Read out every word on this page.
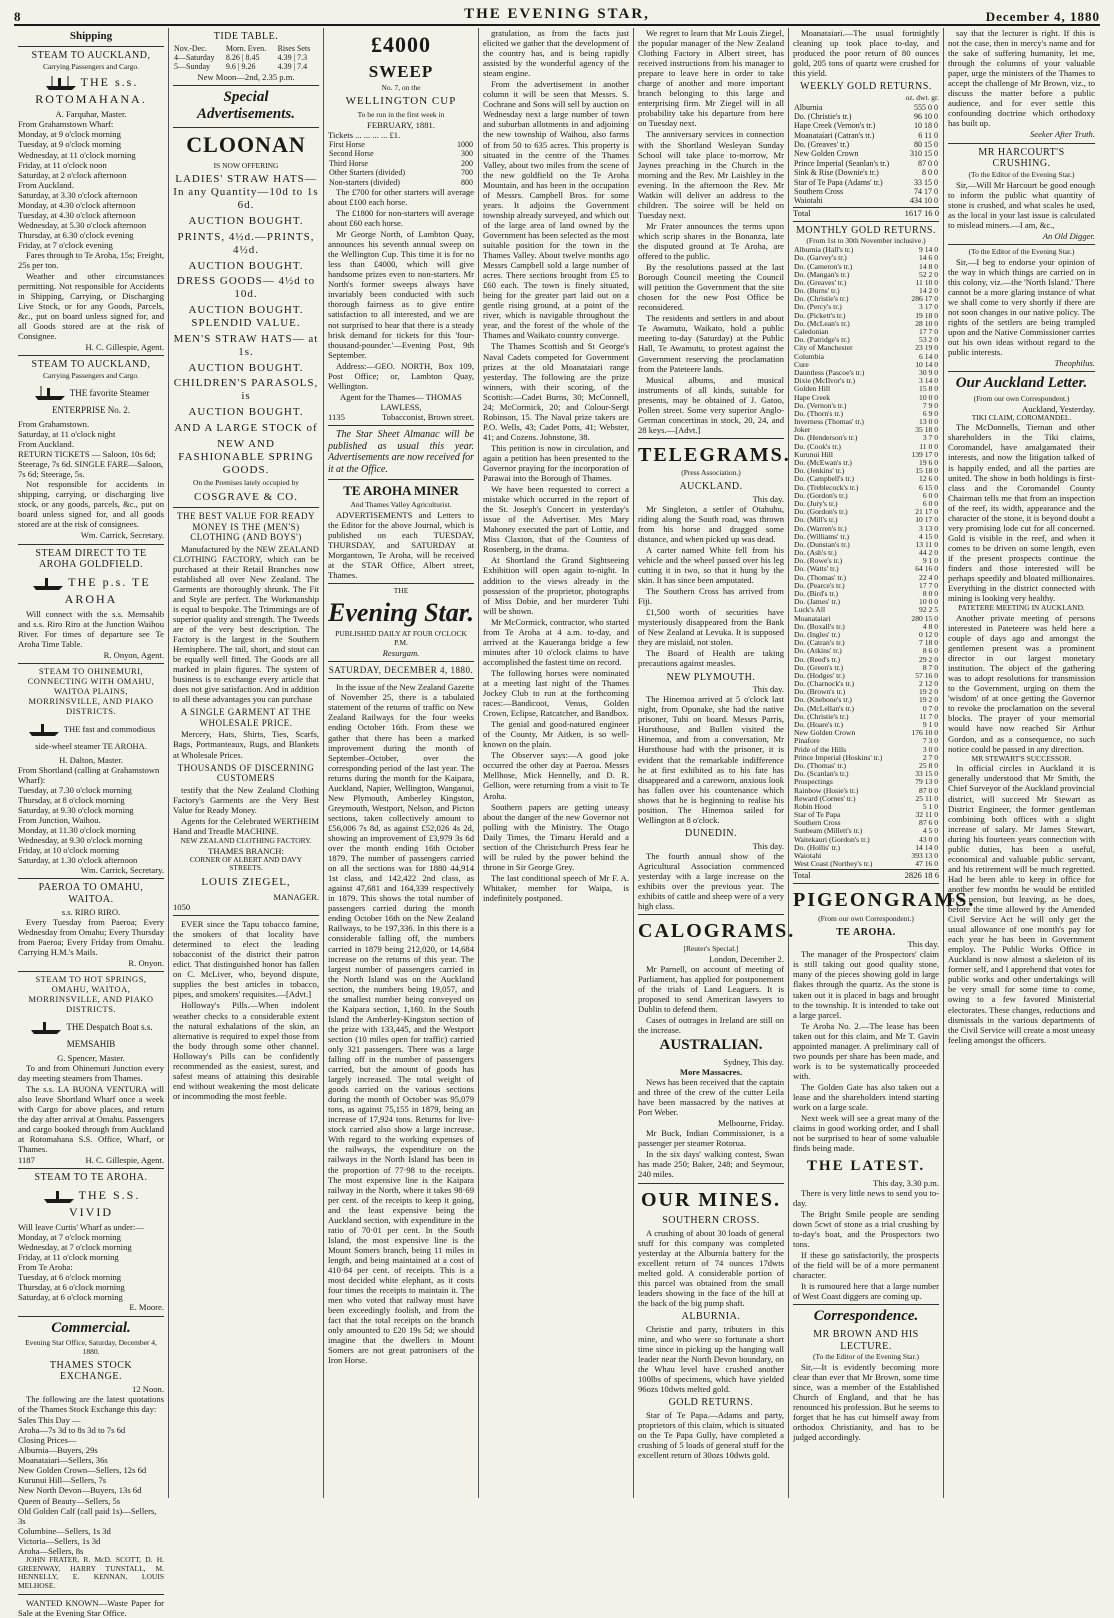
8	THE EVENING STAR,	December 4, 1880
Shipping
STEAM TO AUCKLAND,
Carrying Passengers and Cargo.
THE s.s. ROTOMAHANA.
A. Farquhar, Master.
From Grahamstown Wharf:
Monday, at 9 o'clock morning
Tuesday, at 9 o'clock morning
Wednesday, at 11 o'clock morning
Friday, at 11 o'clock noon
Saturday, at 2 o'clock afternoon
From Auckland.
Saturday, at 3.30 o'clock afternoon
Monday, at 4.30 o'clock afternoon
Tuesday, at 4.30 o'clock afternoon
Wednesday, at 5.30 o'clock afternoon
Thursday, at 6.30 o'clock evening
Friday, at 7 o'clock evening
Fares through to Te Aroha, 15s; Freight, 25s per ton.
Weather and other circumstances permitting. Not responsible for Accidents in Shipping, Carrying, or Discharging Live Stock, or for any Goods, Parcels, &c., put on board unless signed for, and all Goods stored are at the risk of Consignee.
H. C. Gillespie, Agent.
STEAM TO AUCKLAND,
Carrying Passengers and Cargo.
THE favorite Steamer ENTERPRISE No. 2.
From Grahamstown.
Saturday, at 11 o'clock night
From Auckland.
RETURN TICKETS — Saloon, 10s 6d; Steerage, 7s 6d. SINGLE FARE—Saloon, 7s 6d; Steerage, 5s.
Not responsible for accidents in shipping, carrying, or discharging live stock, or any goods, parcels, &c., put on board unless signed for, and all goods stored are at the risk of consignees.
Wm. Carrick, Secretary.
STEAM DIRECT TO TE AROHA GOLDFIELD.
THE p.s. TE AROHA
Will connect with the s.s. Memsahib and s.s. Riro Riro at the Junction Waihou River. For times of departure see Te Aroha Time Table.
R. Onyon, Agent.
STEAM TO OHINEMURI, CONNECTING WITH OMAHU, WAITOA PLAINS, MORRINSVILLE, AND PIAKO DISTRICTS.
THE fast and commodious side-wheel steamer TE AROHA.
H. Dalton, Master.
From Shortland (calling at Grahamstown Wharf):
Tuesday, at 7.30 o'clock morning
Thursday, at 8 o'clock morning
Saturday, at 9.30 o'clock morning
From Junction, Waihou.
Monday, at 11.30 o'clock morning
Wednesday, at 9.30 o'clock morning
Friday, at 10 o'clock morning
Saturday, at 1.30 o'clock afternoon
Wm. Carrick, Secretary.
PAEROA TO OMAHU, WAITOA.
s.s. RIRO RIRO.
Every Tuesday from Paeroa; Every Wednesday from Omahu; Every Thursday from Paeroa; Every Friday from Omahu. Carrying H.M.'s Mails.
R. Onyon.
STEAM TO HOT SPRINGS, OMAHU, WAITOA, MORRINSVILLE, AND PIAKO DISTRICTS.
THE Despatch Boat s.s. MEMSAHIB
G. Spencer, Master.
To and from Ohinemuri Junction every day meeting steamers from Thames.
The s.s. LA BUONA VENTURA will also leave Shortland Wharf once a week with Cargo for above places, and return the day after arrival at Omahu. Passengers and cargo booked through from Auckland at Rotomahana S.S. Office, Wharf, or Thames.
1187	H. C. Gillespie, Agent.
STEAM TO TE AROHA.
THE S.S. VIVID
Will leave Curtis' Wharf as under:—
Monday, at 7 o'clock morning
Wednesday, at 7 o'clock morning
Friday, at 11 o'clock morning
From Te Aroha:
Tuesday, at 6 o'clock morning
Thursday, at 6 o'clock morning
Saturday, at 6 o'clock morning
E. Moore.
Commercial.
Evening Star Office, Saturday, December 4, 1880.
THAMES STOCK EXCHANGE.
12 Noon.
The following are the latest quotations of the Thames Stock Exchange this day:
Sales This Day —
Aroha—7s 3d to 8s 3d to 7s 6d
Closing Prices—
Alburnia—Buyers, 29s
Moanataiari—Sellers, 36s
New Golden Crown—Sellers, 12s 6d
Kurunui Hill—Sellers, 7s
New North Devon—Buyers, 13s 6d
Queen of Beauty—Sellers, 5s
Old Golden Calf (call paid 1s)—Sellers, 3s
Columbine—Sellers, 1s 3d
Victoria—Sellers, 1s 3d
Aroha—Sellers, 8s
JOHN FRATER, R. McD. SCOTT, D. H. GREENWAY, HARRY TUNSTALL, M. HENNELLY, E. KENNAN, LOUIS MELHOSE.
WANTED KNOWN—Waste Paper for Sale at the Evening Star Office.
TIDE TABLE.
Nov.-Dec.	Morn. Even.	Rises Sets
4—Saturday	8.26 | 8.45	4.39 | 7.3
5—Sunday	9.6 | 9.26	4.39 | 7.4
New Moon—2nd, 2.35 p.m.
Special Advertisements.
CLOONAN
IS NOW OFFERING
LADIES' STRAW HATS—In any Quantity—10d to 1s 6d.
AUCTION BOUGHT.
PRINTS, 4½d.—PRINTS, 4½d.
AUCTION BOUGHT.
DRESS GOODS— 4½d to 10d.
AUCTION BOUGHT. SPLENDID VALUE.
MEN'S STRAW HATS— at 1s.
AUCTION BOUGHT.
CHILDREN'S PARASOLS, is
AUCTION BOUGHT.
AND A LARGE STOCK of
NEW AND FASHIONABLE SPRING GOODS.
On the Premises lately occupied by
COSGRAVE & CO.
THE BEST VALUE FOR READY MONEY IS THE (MEN'S) CLOTHING (AND BOYS')
Manufactured by the NEW ZEALAND CLOTHING FACTORY, which can be purchased at their Retail Branches now established all over New Zealand. The Garments are thoroughly shrunk. The Fit and Style are perfect. The Workmanship is equal to bespoke. The Trimmings are of superior quality and strength. The Tweeds are of the very best description. The Factory is the largest in the Southern Hemisphere. The tail, short, and stout can be equally well fitted. The Goods are all marked in plain figures. The system of business is to exchange every article that does not give satisfaction. And in addition to all these advantages you can purchase
A SINGLE GARMENT AT THE WHOLESALE PRICE.
Mercery, Hats, Shirts, Ties, Scarfs, Bags, Portmanteaux, Rugs, and Blankets at Wholesale Prices.
THOUSANDS OF DISCERNING CUSTOMERS
testify that the New Zealand Clothing Factory's Garments are the Very Best Value for Ready Money.
Agents for the Celebrated WERTHEIM Hand and Treadle MACHINE.
NEW ZEALAND CLOTHING FACTORY.
THAMES BRANCH:
CORNER OF ALBERT AND DAVY STREETS.
LOUIS ZIEGEL,
MANAGER.
1050
EVER since the Tapu tobacco famine, the smokers of that locality have determined to elect the leading tobacconist of the district their patron edict. That distinguished honor has fallen on C. McLiver, who, beyond dispute, supplies the best articles in tobacco, pipes, and smokers' requisites.—[Advt.]
Holloway's Pills.—When indolent weather checks to a considerable extent the natural exhalations of the skin, an alternative is required to expel those from the body through some other channel. Holloway's Pills can be confidently recommended as the easiest, surest, and safest means of attaining this desirable end without weakening the most delicate or incommoding the most feeble.
£4000
SWEEP
No. 7, on the
WELLINGTON CUP
To be run in the first week in
FEBRUARY, 1881.
Tickets ... ... ... ... £1.
First Horse	1000
Second Horse	300
Third Horse	200
Other Starters (divided)	700
Non-starters (divided)	800
The £700 for other starters will average about £100 each horse.
The £1800 for non-starters will average about £60 each horse.
Mr George North, of Lambton Quay, announces his seventh annual sweep on the Wellington Cup. This time it is for no less than £4000, which will give handsome prizes even to non-starters. Mr North's former sweeps always have invariably been conducted with such thorough fairness as to give entire satisfaction to all interested, and we are not surprised to hear that there is a steady brisk demand for tickets for this 'four-thousand-pounder.'—Evening Post, 9th September.
Address:—GEO. NORTH, Box 109, Post Office; or, Lambton Quay, Wellington.
Agent for the Thames— THOMAS LAWLESS,
1135	Tobacconist, Brown street.
The Star Sheet Almanac will be published as usual this year. Advertisements are now received for it at the Office.
TE AROHA MINER
And Thames Valley Agriculturist.
ADVERTISEMENTS and Letters to the Editor for the above Journal, which is published on each TUESDAY, THURSDAY, and SATURDAY at Morgantown, Te Aroha, will be received at the STAR Office, Albert street, Thames.
THE
Evening Star.
PUBLISHED DAILY AT FOUR O'CLOCK P.M.
Resurgam.
SATURDAY, DECEMBER 4, 1880.
In the issue of the New Zealand Gazette of November 25, there is a tabulated statement of the returns of traffic on New Zealand Railways for the four weeks ending October 16th. From these we gather that there has been a marked improvement during the month of September–October, over the corresponding period of the last year. The returns during the month for the Kaipara, Auckland, Napier, Wellington, Wanganui, New Plymouth, Amberley Kingston, Greymouth, Westport, Nelson, and Picton sections, taken collectively amount to £56,006 7s 8d, as against £52,026 4s 2d, showing an improvement of £3,979 3s 6d over the month ending 16th October 1879. The number of passengers carried on all the sections was for 1880 44,914 1st class, and 142,422 2nd class, as against 47,681 and 164,339 respectively in 1879. This shows the total number of passengers carried during the month ending October 16th on the New Zealand Railways, to be 197,336. In this there is a considerable falling off, the numbers carried in 1879 being 212,020, or 14,684 increase on the returns of this year. The largest number of passengers carried in the North Island was on the Auckland section, the numbers being 19,057, and the smallest number being conveyed on the Kaipara section, 1,160. In the South Island the Amberley-Kingston section of the prize with 133,445, and the Westport section (10 miles open for traffic) carried only 321 passengers. There was a large falling off in the number of passengers carried, but the amount of goods has largely increased. The total weight of goods carried on the various sections during the month of October was 95,079 tons, as against 75,155 in 1879, being an increase of 17,924 tons. Returns for live-stock carried also show a large increase. With regard to the working expenses of the railways, the expenditure on the railways in the North Island has been in the proportion of 77·98 to the receipts. The most expensive line is the Kaipara railway in the North, where it takes 98·69 per cent. of the receipts to keep it going, and the least expensive being the Auckland section, with expenditure in the ratio of 70·01 per cent. In the South Island, the most expensive line is the Mount Somers branch, being 11 miles in length, and being maintained at a cost of 410·84 per cent. of receipts. This is a most decided white elephant, as it costs four times the receipts to maintain it. The men who voted that railway must have been exceedingly foolish, and from the fact that the total receipts on the branch only amounted to £20 19s 5d; we should imagine that the dwellers in Mount Somers are not great patronisers of the Iron Horse.
gratulation, as from the facts just elicited we gather that the development of the country has, and is being rapidly assisted by the wonderful agency of the steam engine.
From the advertisement in another column it will be seen that Messrs. S. Cochrane and Sons will sell by auction on Wednesday next a large number of town and suburban allotments in and adjoining the new township of Waihou, also farms of from 50 to 635 acres. This property is situated in the centre of the Thames Valley, about two miles from the scene of the new goldfield on the Te Aroha Mountain, and has been in the occupation of Messrs. Campbell Bros. for some years. It adjoins the Government township already surveyed, and which out of the large area of land owned by the Government has been selected as the most suitable position for the town in the Thames Valley. About twelve months ago Messrs Campbell sold a large number of acres. There sections brought from £5 to £60 each. The town is finely situated, being for the greater part laid out on a gentle rising ground, at a point of the river, which is navigable throughout the year, and the forest of the whole of the Thames and Waikato country converge.
The Thames Scottish and St George's Naval Cadets competed for Government prizes at the old Moanataiari range yesterday. The following are the prize winners, with their scoring, of the Scottish:—Cadet Burns, 30; McConnell, 24; McCormick, 20; and Colour-Sergt Robinson, 15. The Naval prize takers are P.O. Wells, 43; Cadet Potts, 41; Webster, 41; and Cozens. Johnstone, 38.
This petition is now in circulation, and again a petition has been presented to the Governor praying for the incorporation of Parawai into the Borough of Thames.
We have been requested to correct a mistake which occurred in the report of the St. Joseph's Concert in yesterday's issue of the Advertiser. Mrs Mary Mahoney executed the part of Lottie, and Miss Claxton, that of the Countess of Rosenberg, in the drama.
At Shortland the Grand Sightseeing Exhibition will open again to-night. In addition to the views already in the possession of the proprietor, photographs of Miss Dobie, and her murderer Tuhi will be shown.
Mr McCormick, contractor, who started from Te Aroha at 4 a.m. to-day, and arrived at the Kaueranga bridge a few minutes after 10 o'clock claims to have accomplished the fastest time on record.
The following horses were nominated at a meeting last night of the Thames Jockey Club to run at the forthcoming races:—Bandicoot, Venus, Golden Crown, Eclipse, Ratcatcher, and Bandbox.
The genial and good-natured engineer of the County, Mr Aitken, is so well-known on the plain.
The Observer says:—A good joke occurred the other day at Paeroa. Messrs Mellhose, Mick Hennelly, and D. R. Gellion, were returning from a visit to Te Aroha.
Southern papers are getting uneasy about the danger of the new Governor not polling with the Ministry. The Otago Daily Times, the Timaru Herald and a section of the Christchurch Press fear he will be ruled by the power behind the throne in Sir George Grey.
The last conditional speech of Mr F. A. Whitaker, member for Waipa, is indefinitely postponed.
We regret to learn that Mr Louis Ziegel, the popular manager of the New Zealand Clothing Factory in Albert street, has received instructions from his manager to prepare to leave here in order to take charge of another and more important branch belonging to this large and enterprising firm. Mr Ziegel will in all probability take his departure from here on Tuesday next.
The anniversary services in connection with the Shortland Wesleyan Sunday School will take place to-morrow, Mr Jaynes preaching in the Church in the morning and the Rev. Mr Laishley in the evening. In the afternoon the Rev. Mr Watkin will deliver an address to the children. The soiree will be held on Tuesday next.
Mr Frater announces the terms upon which scrip shares in the Bonanza, late the disputed ground at Te Aroha, are offered to the public.
By the resolutions passed at the last Borough Council meeting the Council will petition the Government that the site chosen for the new Post Office be reconsidered.
The residents and settlers in and about Te Awamutu, Waikato, hold a public meeting to-day (Saturday) at the Public Hall, Te Awamutu, to protest against the Government reserving the proclamation from the Pateteere lands.
Musical albums, and musical instruments of all kinds, suitable for presents, may be obtained of J. Gatoo, Pollen street. Some very superior Anglo-German concertinas in stock, 20, 24, and 28 keys.—[Advt.]
TELEGRAMS.
(Press Association.)
AUCKLAND.
This day.
Mr Singleton, a settler of Otahuhu, riding along the South road, was thrown from his horse and dragged some distance, and when picked up was dead.
A carter named White fell from his vehicle and the wheel passed over his leg cutting it in two, so that it hung by the skin. It has since been amputated.
The Southern Cross has arrived from Fiji.
£1,500 worth of securities have mysteriously disappeared from the Bank of New Zealand at Levuka. It is supposed they are mislaid, not stolen.
The Board of Health are taking precautions against measles.
NEW PLYMOUTH.
This day.
The Hinemoa arrived at 5 o'clock last night, from Opunake, she had the native prisoner, Tuhi on board. Messrs Parris, Hursthouse, and Bullen visited the Hinemoa, and from a conversation, Mr Hursthouse had with the prisoner, it is evident that the remarkable indifference he at first exhibited as to his fate has disappeared and a careworn, anxious look has fallen over his countenance which shows that he is beginning to realise his position. The Hinemoa sailed for Wellington at 8 o'clock.
DUNEDIN.
This day.
The fourth annual show of the Agricultural Association commenced yesterday with a large increase on the exhibits over the previous year. The exhibits of cattle and sheep were of a very high class.
CALOGRAMS.
[Reuter's Special.]
London, December 2.
Mr Parnell, on account of meeting of Parliament, has applied for postponement of the trials of Land Leaguers. It is proposed to send American lawyers to Dublin to defend them.
Cases of outrages in Ireland are still on the increase.
AUSTRALIAN.
Sydney, This day.
More Massacres.
News has been received that the captain and three of the crew of the cutter Leila have been massacred by the natives at Port Weber.
Melbourne, Friday.
Mr Buck, Indian Commissioner, is a passenger per steamer Rotorua.
In the six days' walking contest, Swan has made 250; Baker, 248; and Seymour, 240 miles.
OUR MINES.
SOUTHERN CROSS.
A crushing of about 30 loads of general stuff for this company was completed yesterday at the Alburnia battery for the excellent return of 74 ounces 17dwts melted gold. A considerable portion of this parcel was obtained from the small leaders showing in the face of the hill at the back of the big pump shaft.
ALBURNIA.
Christie and party, tributers in this mine, and who were so fortunate a short time since in picking up the hanging wall leader near the North Devon boundary, on the Whau level have crushed another 100lbs of specimens, which have yielded 96ozs 10dwts melted gold.
GOLD RETURNS.
Star of Te Papa.—Adams and party, proprietors of this claim, which is situated on the Te Papa Gully, have completed a crushing of 5 loads of general stuff for the excellent return of 30ozs 10dwts gold.
Moanataiari.—The usual fortnightly cleaning up took place to-day, and produced the poor return of 80 ounces gold, 205 tons of quartz were crushed for this yield.
WEEKLY GOLD RETURNS.
oz. dwt. gr.
Alburnia	555 0 0
Do. (Christie's tr.)	96 10 0
Hape Creek (Vernon's tr.)	10 18 0
Moanataiari (Catran's tr.)	6 11 0
Do. (Greaves' tr.)	80 15 0
New Golden Crown	310 15 0
Prince Imperial (Seanlan's tr.)	87 0 0
Sink & Rise (Downie's tr.)	8 0 0
Star of Te Papa (Adams' tr.)	33 15 0
Southern Cross	74 17 0
Waiotahi	434 10 0
Total	1617 16 0
MONTHLY GOLD RETURNS.
(From 1st to 30th November inclusive.)
Alburnia (Hall's tr.)	9 14 0
Do. (Garvey's tr.)	14 6 0
Do. (Cameron's tr.)	14 8 0
Do. (Mangan's tr.)	52 2 0
Do. (Greaves' tr.)	11 10 0
Do. (Burns' tr.)	14 2 0
Do. (Christie's tr.)	286 17 0
Do. (Percy's tr.)	3 17 0
Do. (Pickett's tr.)	19 18 0
Do. (McLean's tr.)	28 10 0
Caledonian	17 7 0
Do. (Patridge's tr.)	53 2 0
City of Manchester	23 19 0
Columbia	6 14 0
Cure	10 14 0
Dauntless (Pascoe's tr.)	30 9 0
Dixie (McIlvor's tr.)	3 14 0
Golden Hill	15 8 0
Hape Creek	10 0 0
Do. (Vernon's tr.)	7 9 0
Do. (Thorn's tr.)	6 9 0
Inverness (Thomas' tr.)	13 0 0
Joker	35 18 0
Do. (Henderson's tr.)	3 7 0
Do. (Cook's tr.)	11 0 0
Kurunui Hill	139 17 0
Do. (McEwan's tr.)	19 6 0
Do. (Jenkins' tr.)	15 18 0
Do. (Campbell's tr.)	12 6 0
Do. (Treblecock's tr.)	6 15 0
Do. (Gordon's tr.)	6 0 0
Do. (Jury's tr.)	6 0 0
Do. (Gordon's tr.)	21 17 0
Do. (Mill's tr.)	10 17 0
Do. (Warren's tr.)	3 13 0
Do. (Williams' tr.)	4 15 0
Do. (Dunstan's tr.)	13 11 0
Do. (Ash's tr.)	44 2 0
Do. (Rowe's tr.)	9 1 0
Do. (Watts' tr.)	64 16 0
Do. (Thomas' tr.)	22 4 0
Do. (Pearce's tr.)	17 7 0
Do. (Bird's tr.)	8 0 0
Do. (James' tr.)	10 0 0
Luck's All	92 2 5
Moanataiari	280 15 0
Do. (Boxall's tr.)	4 8 0
Do. (Ingles' tr.)	0 12 0
Do. (Catran's tr.)	7 18 0
Do. (Atkins' tr.)	8 6 0
Do. (Reed's tr.)	29 2 0
Do. (Green's tr.)	8 7 0
Do. (Hodges' tr.)	57 16 0
Do. (Charnock's tr.)	2 12 0
Do. (Brown's tr.)	19 2 0
Do. (Knebone's tr.)	19 2 0
Do. (McLellan's tr.)	0 7 0
Do. (Christie's tr.)	11 7 0
Do. (Hoare's tr.)	9 1 0
New Golden Crown	176 10 0
Pinafore	7 3 0
Pride of the Hills	3 0 0
Prince Imperial (Hoskins' tr.)	2 7 0
Do. (Thomas' tr.)	25 8 0
Do. (Scanlan's tr.)	33 15 0
Prospectings	79 13 0
Rainbow (Hosie's tr.)	87 0 0
Reward (Cornes' tr.)	25 11 0
Robin Hood	5 1 0
Star of Te Papa	32 11 0
Southern Cross	87 6 0
Sunbeam (Millett's tr.)	4 5 0
Waitekauri (Gordon's tr.)	43 0 0
Do. (Hollis' tr.)	14 14 0
Waiotahi	393 13 0
West Coast (Northey's tr.)	47 16 0
Total	2826 18 6
PIGEONGRAMS.
(From our own Correspondent.)
TE AROHA.
This day.
The manager of the Prospectors' claim is still taking out good quality stone, many of the pieces showing gold in large flakes through the quartz. As the stone is taken out it is placed in bags and brought to the township. It is intended to take out a large parcel.
Te Aroha No. 2.—The lease has been taken out for this claim, and Mr T. Gavin appointed manager. A preliminary call of two pounds per share has been made, and work is to be systematically proceeded with.
The Golden Gate has also taken out a lease and the shareholders intend starting work on a large scale.
Next week will see a great many of the claims in good working order, and I shall not be surprised to hear of some valuable finds being made.
THE LATEST.
This day, 3.30 p.m.
There is very little news to send you to-day.
The Bright Smile people are sending down 5cwt of stone as a trial crushing by to-day's boat, and the Prospectors two tons.
If these go satisfactorily, the prospects of the field will be of a more permanent character.
It is rumoured here that a large number of West Coast diggers are coming up.
Correspondence.
MR BROWN AND HIS LECTURE.
(To the Editor of the Evening Star.)
Sir,—It is evidently becoming more clear than ever that Mr Brown, some time since, was a member of the Established Church of England, and that he has renounced his profession. But he seems to forget that he has cut himself away from orthodox Christianity, and has to be judged accordingly.
say that the lecturer is right. If this is not the case, then in mercy's name and for the sake of suffering humanity, let me, through the columns of your valuable paper, urge the ministers of the Thames to accept the challenge of Mr Brown, viz., to discuss the matter before a public audience, and for ever settle this confounding doctrine which orthodoxy has built up.
Seeker After Truth.
MR HARCOURT'S CRUSHING.
(To the Editor of the Evening Star.)
Sir,—Will Mr Harcourt be good enough to inform the public what quantity of stone is crushed, and what scales he used, as the local in your last issue is calculated to mislead miners.—I am, &c.,
An Old Digger.
(To the Editor of the Evening Star.)
Sir,—I beg to endorse your opinion of the way in which things are carried on in this colony, viz.—the 'North Island.' There cannot be a more glaring instance of what we shall come to very shortly if there are not soon changes in our native policy. The rights of the settlers are being trampled upon and the Native Commissioner carries out his own ideas without regard to the public interests.
Theophilus.
Our Auckland Letter.
(From our own Correspondent.)
Auckland, Yesterday.
TIKI CLAIM, COROMANDEL.
The McDonnells, Tiernan and other shareholders in the Tiki claims, Coromandel, have amalgamated their interests, and now the litigation talked of is happily ended, and all the parties are united. The show in both holdings is first-class and the Coromandel County Chairman tells me that from an inspection of the reef, its width, appearance and the character of the stone, it is beyond doubt a very promising lode cut for all concerned. Gold is visible in the reef, and when it comes to be driven on some length, even if the present prospects continue the finders and those interested will be perhaps speedily and bloated millionaires. Everything in the district connected with mining is looking very healthy.
PATETERE MEETING IN AUCKLAND.
Another private meeting of persons interested in Pateteere was held here a couple of days ago and amongst the gentlemen present was a prominent director in our largest monetary institution. The object of the gathering was to adopt resolutions for transmission to the Government, urging on them the 'wisdom' of at once getting the Governor to revoke the proclamation on the several blocks. The prayer of your memorial would have now reached Sir Arthur Gordon, and as a consequence, no such notice could be passed in any direction.
MR STEWART'S SUCCESSOR.
In official circles in Auckland it is generally understood that Mr Smith, the Chief Surveyor of the Auckland provincial district, will succeed Mr Stewart as District Engineer, the former gentleman combining both offices with a slight increase of salary. Mr James Stewart, during his fourteen years connection with public duties, has been a useful, economical and valuable public servant, and his retirement will be much regretted. Had he been able to keep in office for another few months he would be entitled to a pension, but leaving, as he does, before the time allowed by the Amended Civil Service Act he will only get the usual allowance of one month's pay for each year he has been in Government employ. The Public Works Office in Auckland is now almost a skeleton of its former self, and I apprehend that votes for public works and other undertakings will be very small for some time to come, owing to a few favored Ministerial electorates. These changes, reductions and dismissals in the various departments of the Civil Service will create a most uneasy feeling amongst the officers.
